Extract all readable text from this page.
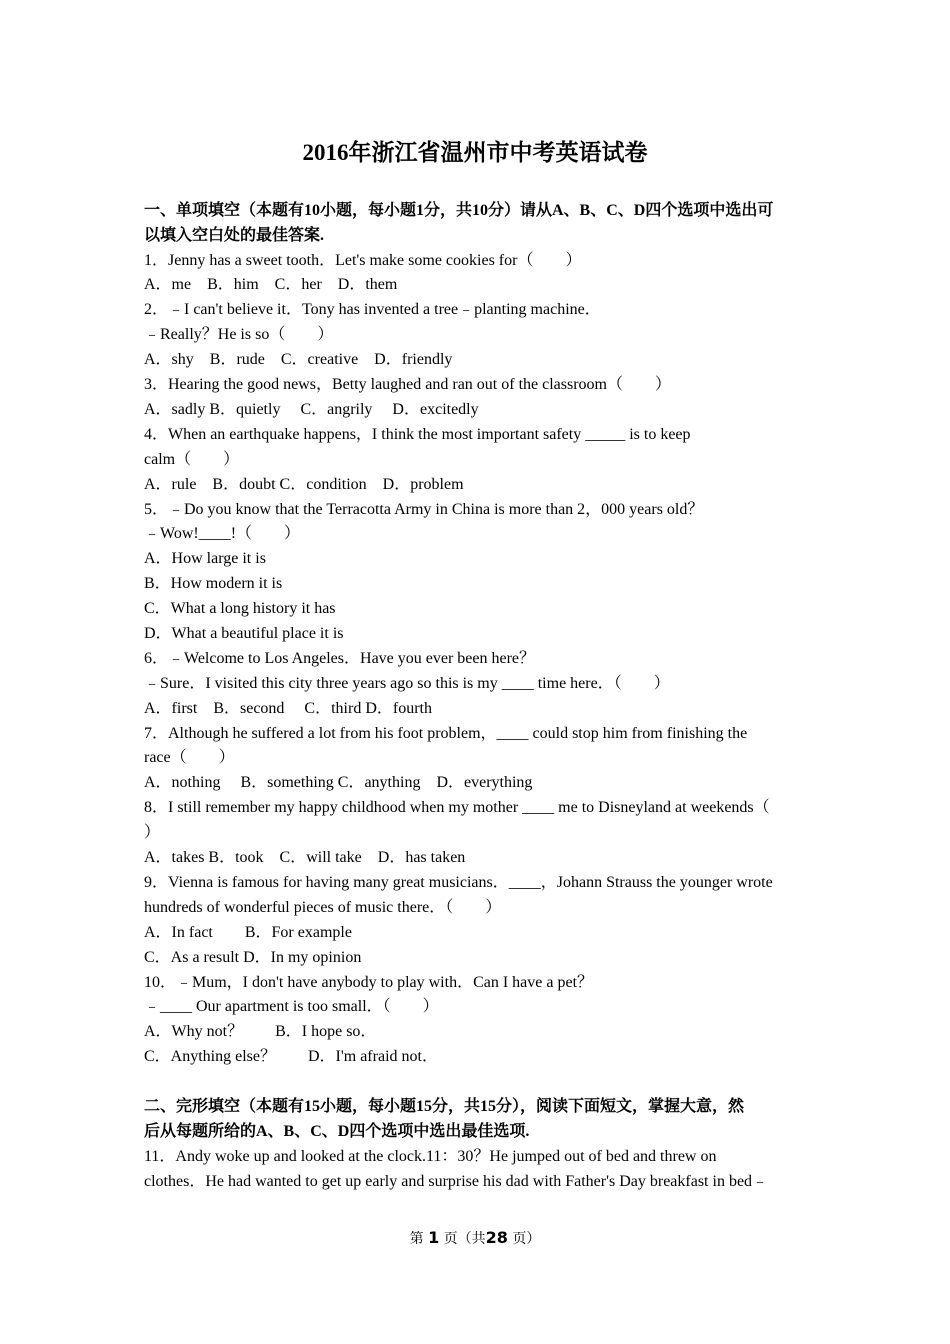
2016年浙江省温州市中考英语试卷
一、单项填空（本题有10小题，每小题1分，共10分）请从A、B、C、D四个选项中选出可
以填入空白处的最佳答案.
1．Jenny has a sweet tooth．Let's make some cookies for（　　）
A．me　B．him　C．her　D．them
2．﹣I can't believe it．Tony has invented a tree﹣planting machine．
﹣Really？He is so（　　）
A．shy　B．rude　C．creative　D．friendly
3．Hearing the good news，Betty laughed and ran out of the classroom（　　）
A．sadly B．quietly　 C．angrily　 D．excitedly
4．When an earthquake happens，I think the most important safety _____ is to keep
calm（　　）
A．rule　B．doubt C．condition　D．problem
5．﹣Do you know that the Terracotta Army in China is more than 2，000 years old？
﹣Wow!____!（　　）
A．How large it is
B．How modern it is
C．What a long history it has
D．What a beautiful place it is
6．﹣Welcome to Los Angeles．Have you ever been here？
﹣Sure．I visited this city three years ago so this is my ____ time here．（　　）
A．first　B．second　 C．third D．fourth
7．Although he suffered a lot from his foot problem，____ could stop him from finishing the
race（　　）
A．nothing　 B．something C．anything　D．everything
8．I still remember my happy childhood when my mother ____ me to Disneyland at weekends（
）
A．takes B．took　C．will take　D．has taken
9．Vienna is famous for having many great musicians．____，Johann Strauss the younger wrote
hundreds of wonderful pieces of music there．（　　）
A．In fact　　B．For example
C．As a result D．In my opinion
10．﹣Mum，I don't have anybody to play with．Can I have a pet？
﹣____ Our apartment is too small．（　　）
A．Why not？　　B．I hope so．
C．Anything else？　　D．I'm afraid not．
二、完形填空（本题有15小题，每小题15分，共15分），阅读下面短文，掌握大意，然
后从每题所给的A、B、C、D四个选项中选出最佳选项.
11．Andy woke up and looked at the clock.11：30？He jumped out of bed and threw on
clothes．He had wanted to get up early and surprise his dad with Father's Day breakfast in bed﹣
第 1 页（共28 页）
